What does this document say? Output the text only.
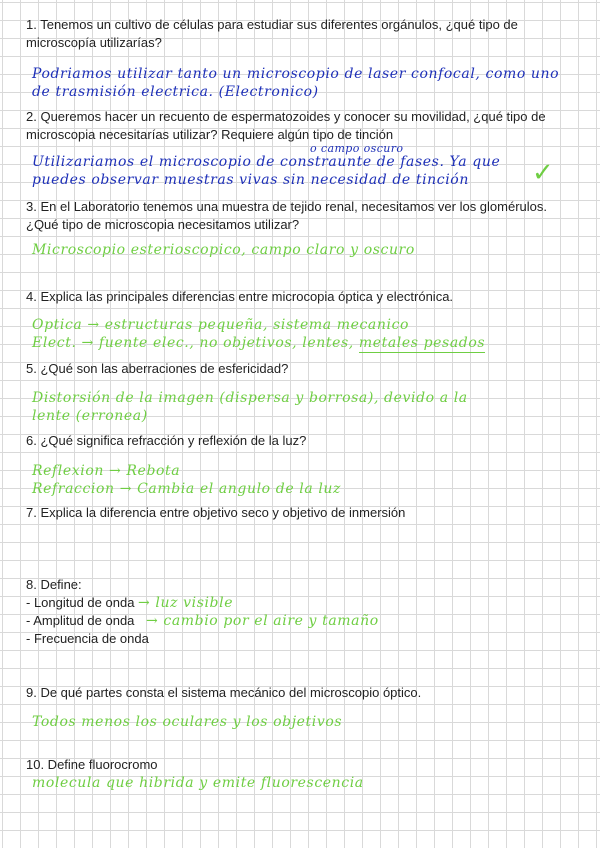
1. Tenemos un cultivo de células para estudiar sus diferentes orgánulos, ¿qué tipo de microscopía utilizarías?
Podriamos utilizar tanto un microscopio de laser confocal, como uno
de trasmisión electrica. (Electronico)
2. Queremos hacer un recuento de espermatozoides y conocer su movilidad, ¿qué tipo de microscopia necesitarías utilizar? Requiere algún tipo de tinción
o campo oscuro
Utilizariamos el microscopio de constraunte de fases. Ya que
puedes observar muestras vivas sin necesidad de tinción	✓
3. En el Laboratorio tenemos una muestra de tejido renal, necesitamos ver los glomérulos. ¿Qué tipo de microscopia necesitamos utilizar?
Microscopio esterioscopico, campo claro y oscuro
4. Explica las principales diferencias entre microcopia óptica y electrónica.
Optica → estructuras pequeña, sistema mecanico
Elect. → fuente elec., no objetivos, lentes, metales pesados
5. ¿Qué son las aberraciones de esfericidad?
Distorsión de la imagen (dispersa y borrosa), devido a la
lente (erronea)
6. ¿Qué significa refracción y reflexión de la luz?
Reflexion → Rebota
Refraccion → Cambia el angulo de la luz
7. Explica la diferencia entre objetivo seco y objetivo de inmersión
8. Define:
- Longitud de onda → luz visible
- Amplitud de onda → cambio por el aire y tamaño
- Frecuencia de onda
9. De qué partes consta el sistema mecánico del microscopio óptico.
Todos menos los oculares y los objetivos
10. Define fluorocromo
molecula que hibrida y emite fluorescencia
